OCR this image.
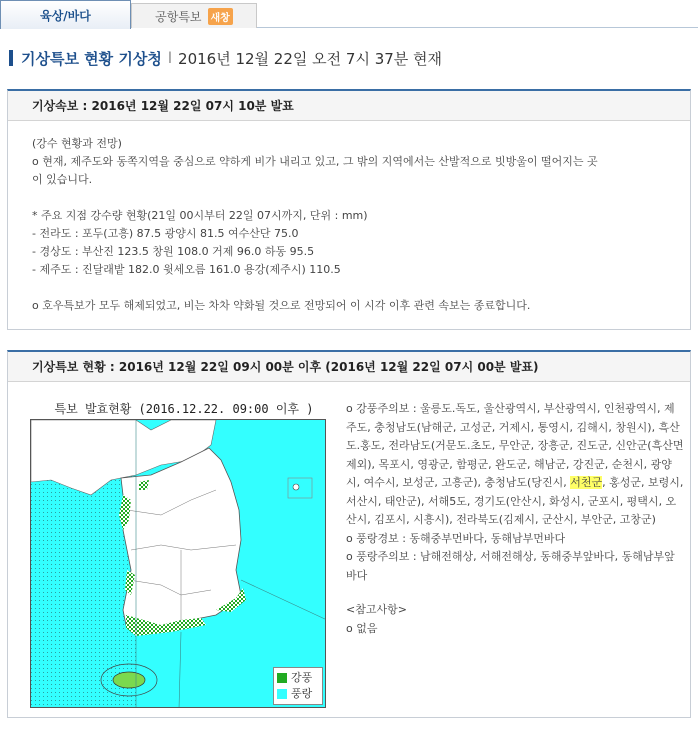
육상/바다	공항특보 새창
기상특보 현황 기상청 l 2016년 12월 22일 오전 7시 37분 현재
기상속보 : 2016년 12월 22일 07시 10분 발표
(강수 현황과 전망)
o 현재, 제주도와 동쪽지역을 중심으로 약하게 비가 내리고 있고, 그 밖의 지역에서는 산발적으로 빗방울이 떨어지는 곳
이 있습니다.
* 주요 지점 강수량 현황(21일 00시부터 22일 07시까지, 단위 : mm)
- 전라도 : 포두(고흥) 87.5 광양시 81.5 여수산단 75.0
- 경상도 : 부산진 123.5 창원 108.0 거제 96.0 하동 95.5
- 제주도 : 진달래밭 182.0 윗세오름 161.0 용강(제주시) 110.5
o 호우특보가 모두 해제되었고, 비는 차차 약화될 것으로 전망되어 이 시각 이후 관련 속보는 종료합니다.
기상특보 현황 : 2016년 12월 22일 09시 00분 이후 (2016년 12월 22일 07시 00분 발표)
특보 발효현황 (2016.12.22. 09:00 이후 )
강풍
풍랑
o 강풍주의보 : 울릉도.독도, 울산광역시, 부산광역시, 인천광역시, 제주도, 충청남도(남해군, 고성군, 거제시, 통영시, 김해시, 창원시), 흑산도.홍도, 전라남도(거문도.초도, 무안군, 장흥군, 진도군, 신안군(흑산면제외), 목포시, 영광군, 함평군, 완도군, 해남군, 강진군, 순천시, 광양시, 여수시, 보성군, 고흥군), 충청남도(당진시, 서천군, 홍성군, 보령시, 서산시, 태안군), 서해5도, 경기도(안산시, 화성시, 군포시, 평택시, 오산시, 김포시, 시흥시), 전라북도(김제시, 군산시, 부안군, 고창군)
o 풍랑경보 : 동해중부먼바다, 동해남부먼바다
o 풍랑주의보 : 남해전해상, 서해전해상, 동해중부앞바다, 동해남부앞바다
<참고사항>
o 없음
